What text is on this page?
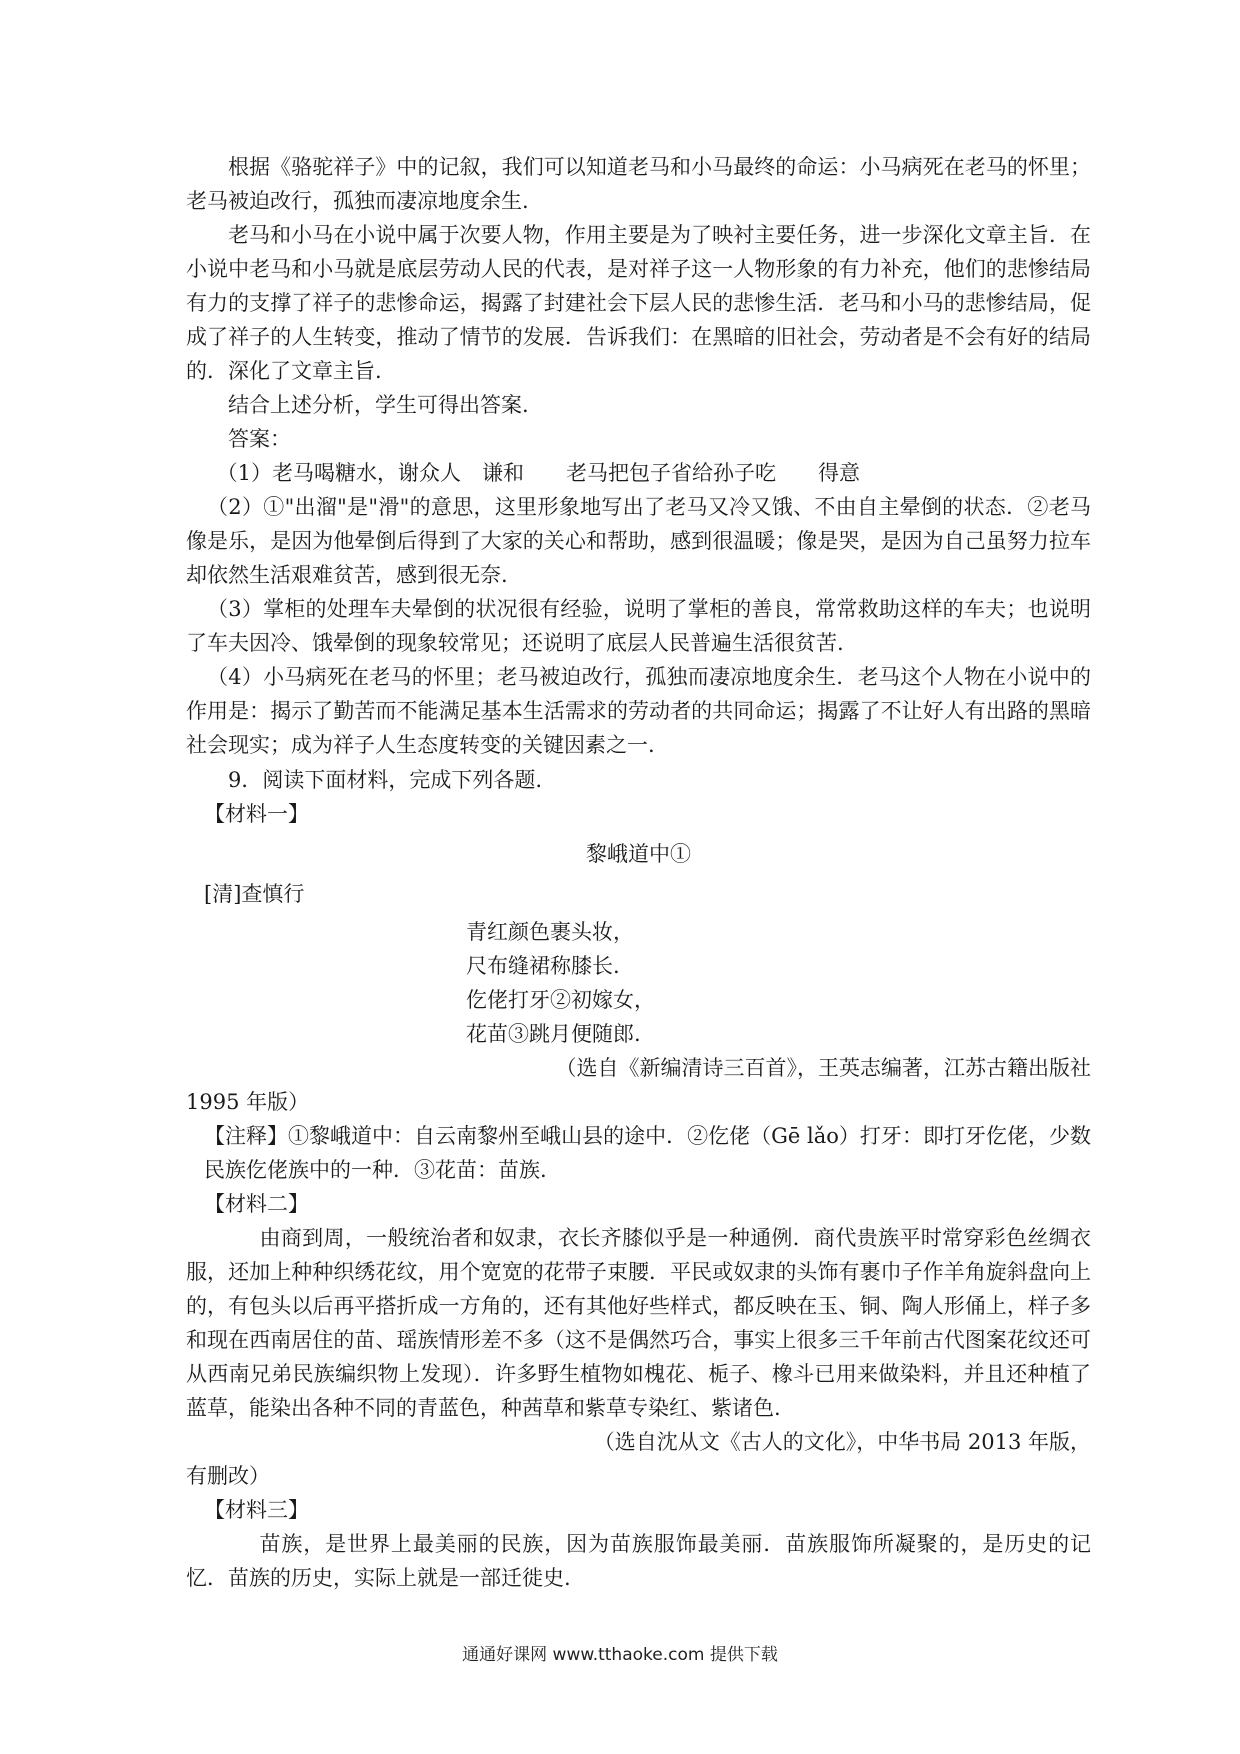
根据《骆驼祥子》中的记叙，我们可以知道老马和小马最终的命运：小马病死在老马的怀里；老马被迫改行，孤独而凄凉地度余生.

老马和小马在小说中属于次要人物，作用主要是为了映衬主要任务，进一步深化文章主旨．在小说中老马和小马就是底层劳动人民的代表，是对祥子这一人物形象的有力补充，他们的悲惨结局有力的支撑了祥子的悲惨命运，揭露了封建社会下层人民的悲惨生活．老马和小马的悲惨结局，促成了祥子的人生转变，推动了情节的发展．告诉我们：在黑暗的旧社会，劳动者是不会有好的结局的．深化了文章主旨.

结合上述分析，学生可得出答案.

答案：

（1）老马喝糖水，谢众人　谦和　　老马把包子省给孙子吃　　得意

（2）①"出溜"是"滑"的意思，这里形象地写出了老马又冷又饿、不由自主晕倒的状态．②老马像是乐，是因为他晕倒后得到了大家的关心和帮助，感到很温暖；像是哭，是因为自己虽努力拉车却依然生活艰难贫苦，感到很无奈.

（3）掌柜的处理车夫晕倒的状况很有经验，说明了掌柜的善良，常常救助这样的车夫；也说明了车夫因冷、饿晕倒的现象较常见；还说明了底层人民普遍生活很贫苦.

（4）小马病死在老马的怀里；老马被迫改行，孤独而凄凉地度余生．老马这个人物在小说中的作用是：揭示了勤苦而不能满足基本生活需求的劳动者的共同命运；揭露了不让好人有出路的黑暗社会现实；成为祥子人生态度转变的关键因素之一.

9．阅读下面材料，完成下列各题.

【材料一】

黎峨道中①

[清]查慎行

青红颜色裹头妆，

尺布缝裙称膝长.

仡佬打牙②初嫁女，

花苗③跳月便随郎.

（选自《新编清诗三百首》，王英志编著，江苏古籍出版社

1995 年版）

【注释】①黎峨道中：自云南黎州至峨山县的途中．②仡佬（Gē lǎo）打牙：即打牙仡佬，少数民族仡佬族中的一种．③花苗：苗族.

【材料二】

由商到周，一般统治者和奴隶，衣长齐膝似乎是一种通例．商代贵族平时常穿彩色丝绸衣服，还加上种种织绣花纹，用个宽宽的花带子束腰．平民或奴隶的头饰有裹巾子作羊角旋斜盘向上的，有包头以后再平搭折成一方角的，还有其他好些样式，都反映在玉、铜、陶人形俑上，样子多和现在西南居住的苗、瑶族情形差不多（这不是偶然巧合，事实上很多三千年前古代图案花纹还可从西南兄弟民族编织物上发现）．许多野生植物如槐花、栀子、橡斗已用来做染料，并且还种植了蓝草，能染出各种不同的青蓝色，种茜草和紫草专染红、紫诸色.

（选自沈从文《古人的文化》，中华书局 2013 年版，

有删改）

【材料三】

苗族，是世界上最美丽的民族，因为苗族服饰最美丽．苗族服饰所凝聚的，是历史的记忆．苗族的历史，实际上就是一部迁徙史.

通通好课网 www.tthaoke.com 提供下载
